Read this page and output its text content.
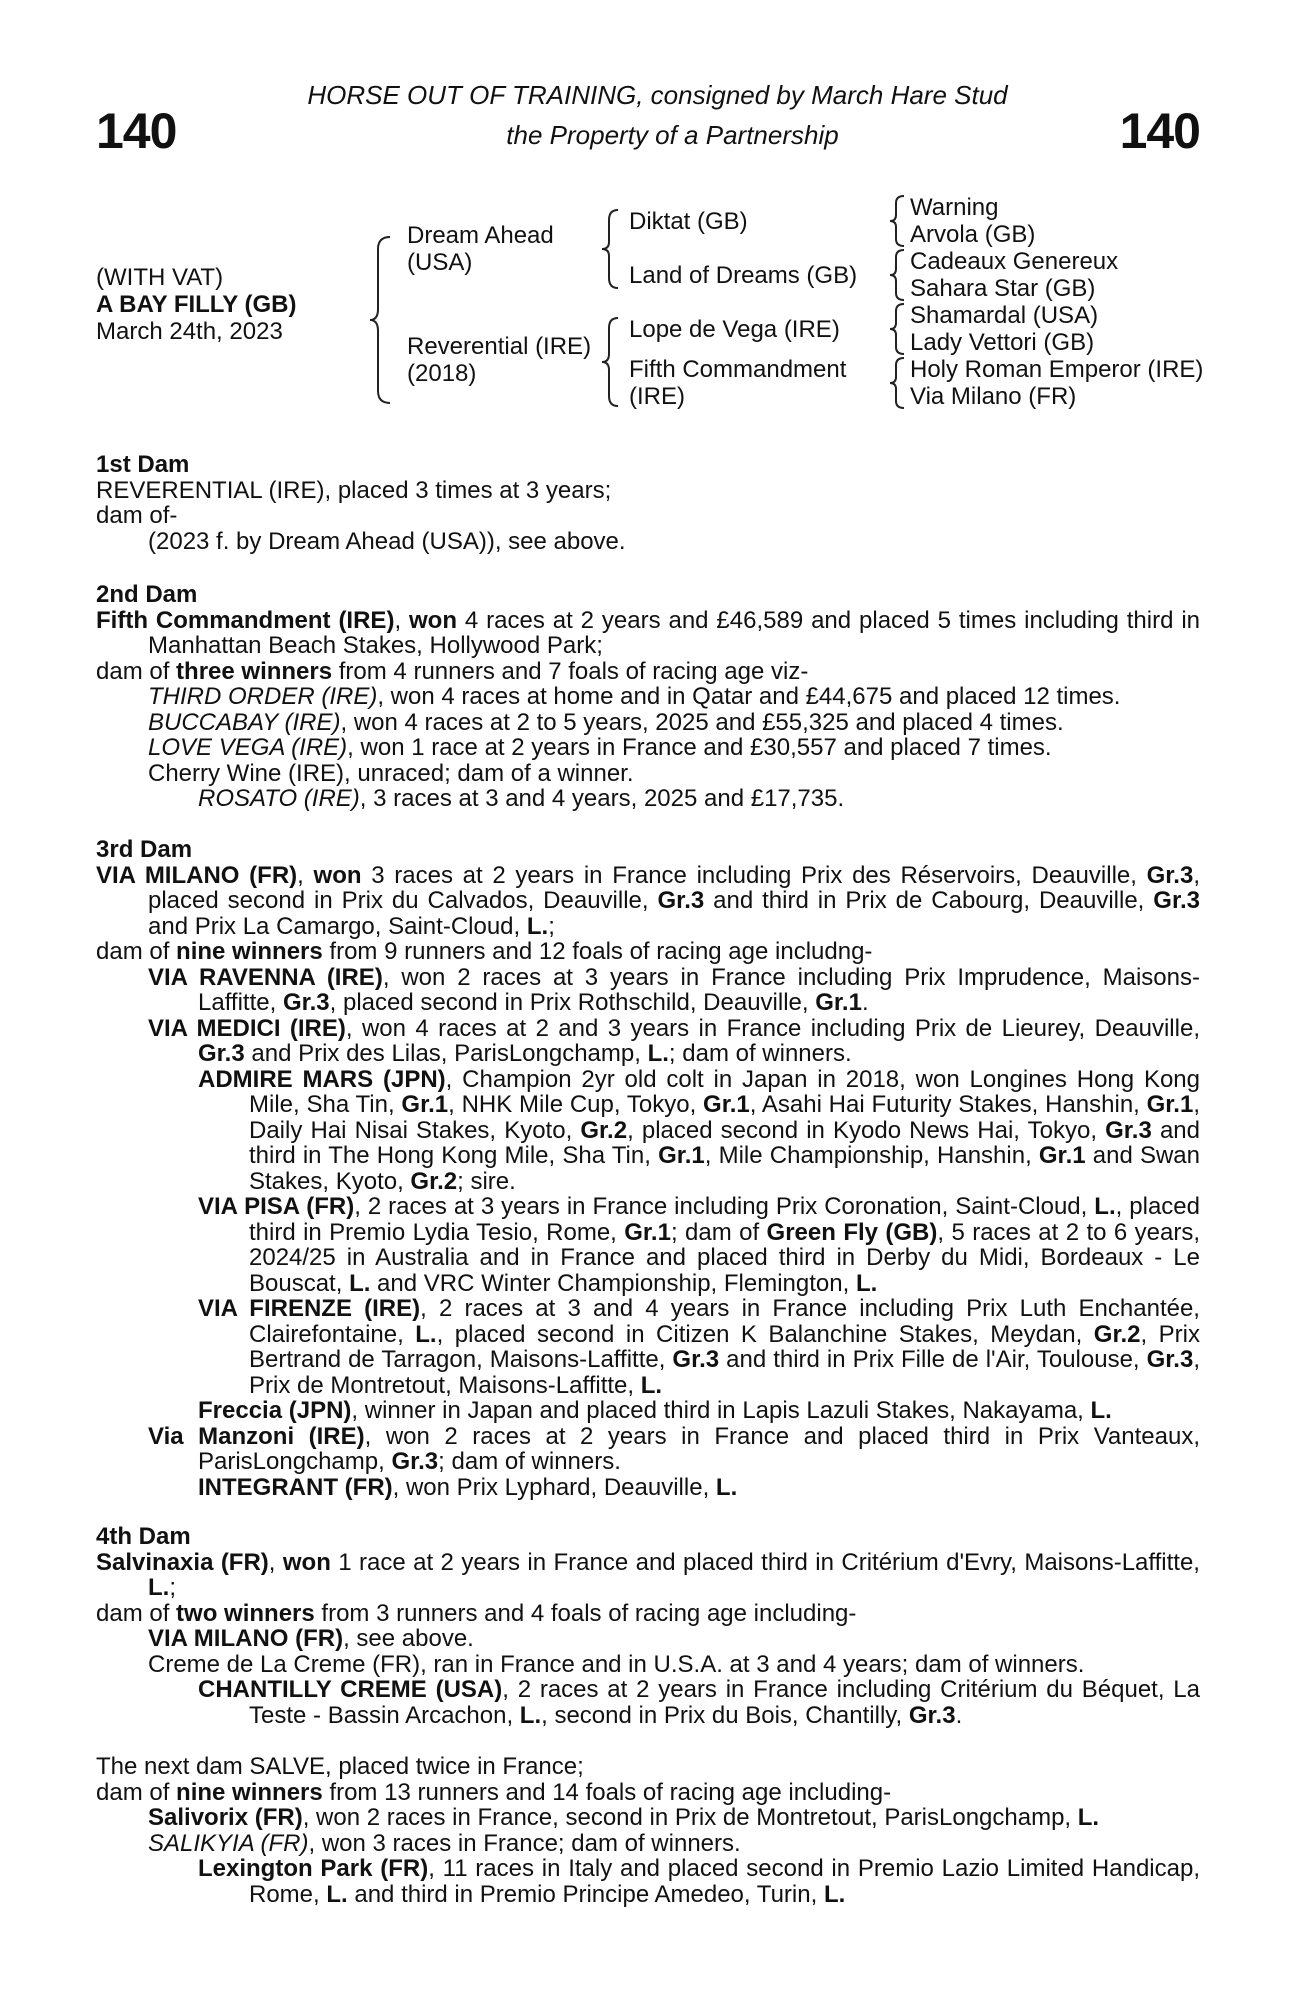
140
HORSE OUT OF TRAINING, consigned by March Hare Stud
the Property of a Partnership	140
(WITH VAT)
A BAY FILLY (GB)
March 24th, 2023
Dream Ahead
(USA)
Reverential (IRE)
(2018)
Diktat (GB)
Land of Dreams (GB)
Lope de Vega (IRE)
Fifth Commandment
(IRE)
Warning
Arvola (GB)
Cadeaux Genereux
Sahara Star (GB)
Shamardal (USA)
Lady Vettori (GB)
Holy Roman Emperor (IRE)
Via Milano (FR)

1st Dam

REVERENTIAL (IRE), placed 3 times at 3 years;

dam of-

(2023 f. by Dream Ahead (USA)), see above.

2nd Dam

Fifth Commandment (IRE), won 4 races at 2 years and £46,589 and placed 5 times including third in Manhattan Beach Stakes, Hollywood Park;

dam of three winners from 4 runners and 7 foals of racing age viz-

THIRD ORDER (IRE), won 4 races at home and in Qatar and £44,675 and placed 12 times.

BUCCABAY (IRE), won 4 races at 2 to 5 years, 2025 and £55,325 and placed 4 times.

LOVE VEGA (IRE), won 1 race at 2 years in France and £30,557 and placed 7 times.

Cherry Wine (IRE), unraced; dam of a winner.

ROSATO (IRE), 3 races at 3 and 4 years, 2025 and £17,735.

3rd Dam

VIA MILANO (FR), won 3 races at 2 years in France including Prix des Réservoirs, Deauville, Gr.3, placed second in Prix du Calvados, Deauville, Gr.3 and third in Prix de Cabourg, Deauville, Gr.3 and Prix La Camargo, Saint-Cloud, L.;

dam of nine winners from 9 runners and 12 foals of racing age includng-

VIA RAVENNA (IRE), won 2 races at 3 years in France including Prix Imprudence, Maisons-Laffitte, Gr.3, placed second in Prix Rothschild, Deauville, Gr.1.

VIA MEDICI (IRE), won 4 races at 2 and 3 years in France including Prix de Lieurey, Deauville, Gr.3 and Prix des Lilas, ParisLongchamp, L.; dam of winners.

ADMIRE MARS (JPN), Champion 2yr old colt in Japan in 2018, won Longines Hong Kong Mile, Sha Tin, Gr.1, NHK Mile Cup, Tokyo, Gr.1, Asahi Hai Futurity Stakes, Hanshin, Gr.1, Daily Hai Nisai Stakes, Kyoto, Gr.2, placed second in Kyodo News Hai, Tokyo, Gr.3 and third in The Hong Kong Mile, Sha Tin, Gr.1, Mile Championship, Hanshin, Gr.1 and Swan Stakes, Kyoto, Gr.2; sire.

VIA PISA (FR), 2 races at 3 years in France including Prix Coronation, Saint-Cloud, L., placed third in Premio Lydia Tesio, Rome, Gr.1; dam of Green Fly (GB), 5 races at 2 to 6 years, 2024/25 in Australia and in France and placed third in Derby du Midi, Bordeaux - Le Bouscat, L. and VRC Winter Championship, Flemington, L.

VIA FIRENZE (IRE), 2 races at 3 and 4 years in France including Prix Luth Enchantée, Clairefontaine, L., placed second in Citizen K Balanchine Stakes, Meydan, Gr.2, Prix Bertrand de Tarragon, Maisons-Laffitte, Gr.3 and third in Prix Fille de l'Air, Toulouse, Gr.3, Prix de Montretout, Maisons-Laffitte, L.

Freccia (JPN), winner in Japan and placed third in Lapis Lazuli Stakes, Nakayama, L.

Via Manzoni (IRE), won 2 races at 2 years in France and placed third in Prix Vanteaux, ParisLongchamp, Gr.3; dam of winners.

INTEGRANT (FR), won Prix Lyphard, Deauville, L.

4th Dam

Salvinaxia (FR), won 1 race at 2 years in France and placed third in Critérium d'Evry, Maisons-Laffitte, L.;

dam of two winners from 3 runners and 4 foals of racing age including-

VIA MILANO (FR), see above.

Creme de La Creme (FR), ran in France and in U.S.A. at 3 and 4 years; dam of winners.

CHANTILLY CREME (USA), 2 races at 2 years in France including Critérium du Béquet, La Teste - Bassin Arcachon, L., second in Prix du Bois, Chantilly, Gr.3.

The next dam SALVE, placed twice in France;

dam of nine winners from 13 runners and 14 foals of racing age including-

Salivorix (FR), won 2 races in France, second in Prix de Montretout, ParisLongchamp, L.

SALIKYIA (FR), won 3 races in France; dam of winners.

Lexington Park (FR), 11 races in Italy and placed second in Premio Lazio Limited Handicap, Rome, L. and third in Premio Principe Amedeo, Turin, L.
